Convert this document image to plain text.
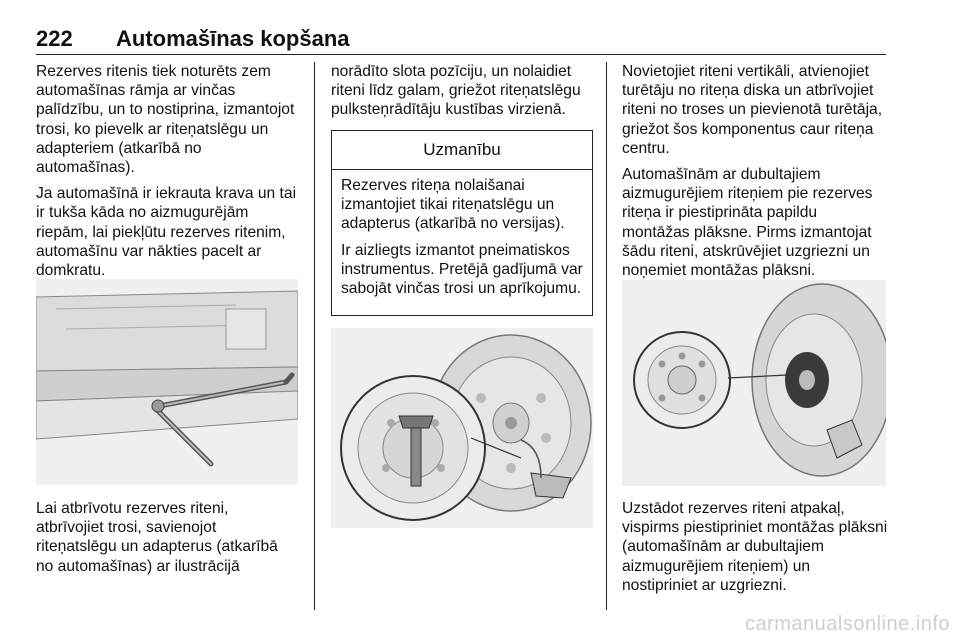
222 Automašīnas kopšana

Rezerves ritenis tiek noturēts zem automašīnas rāmja ar vinčas palīdzību, un to nostiprina, izmantojot trosi, ko pievelk ar riteņatslēgu un adapteriem (atkarībā no automašīnas).

Ja automašīnā ir iekrauta krava un tai ir tukša kāda no aizmugurējām riepām, lai piekļūtu rezerves ritenim, automašīnu var nākties pacelt ar domkratu.

Lai atbrīvotu rezerves riteni, atbrīvojiet trosi, savienojot riteņatslēgu un adapterus (atkarībā no automašīnas) ar ilustrācijā

norādīto slota pozīciju, un nolaidiet riteni līdz galam, griežot riteņatslēgu pulksteņrādītāju kustības virzienā.

Uzmanību

Rezerves riteņa nolaišanai izmantojiet tikai riteņatslēgu un adapterus (atkarībā no versijas).

Ir aizliegts izmantot pneimatiskos instrumentus. Pretējā gadījumā var sabojāt vinčas trosi un aprīkojumu.

Novietojiet riteni vertikāli, atvienojiet turētāju no riteņa diska un atbrīvojiet riteni no troses un pievienotā turētāja, griežot šos komponentus caur riteņa centru.

Automašīnām ar dubultajiem aizmugurējiem riteņiem pie rezerves riteņa ir piestiprināta papildu montāžas plāksne. Pirms izmantojat šādu riteni, atskrūvējiet uzgriezni un noņemiet montāžas plāksni.

Uzstādot rezerves riteni atpakaļ, vispirms piestipriniet montāžas plāksni (automašīnām ar dubultajiem aizmugurējiem riteņiem) un nostipriniet ar uzgriezni.
carmanualsonline.info
